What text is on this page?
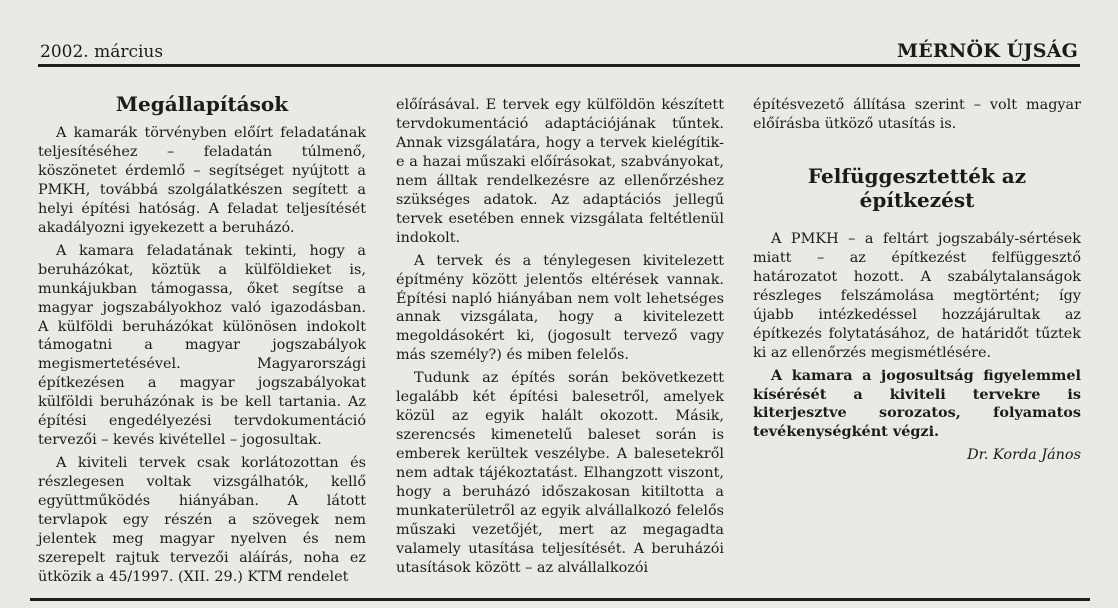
2002. március	MÉRNÖK ÚJSÁG
Megállapítások

A kamarák törvényben előírt feladatának teljesítéséhez – feladatán túlmenő, köszönetet érdemlő – segítséget nyújtott a PMKH, továbbá szolgálatkészen segített a helyi építési hatóság. A feladat teljesítését akadályozni igyekezett a beruházó.

A kamara feladatának tekinti, hogy a beruházókat, köztük a külföldieket is, munkájukban támogassa, őket segítse a magyar jogszabályokhoz való igazodásban. A külföldi beruházókat különösen indokolt támogatni a magyar jogszabályok megismertetésével. Magyarországi építkezésen a magyar jogszabályokat külföldi beruházónak is be kell tartania. Az építési engedélyezési tervdokumentáció tervezői – kevés kivétellel – jogosultak.

A kiviteli tervek csak korlátozottan és részlegesen voltak vizsgálhatók, kellő együttműködés hiányában. A látott tervlapok egy részén a szövegek nem jelentek meg magyar nyelven és nem szerepelt rajtuk tervezői aláírás, noha ez ütközik a 45/1997. (XII. 29.) KTM rendelet

előírásával. E tervek egy külföldön készített tervdokumentáció adaptációjának tűntek. Annak vizsgálatára, hogy a tervek kielégítik-e a hazai műszaki előírásokat, szabványokat, nem álltak rendelkezésre az ellenőrzéshez szükséges adatok. Az adaptációs jellegű tervek esetében ennek vizsgálata feltétlenül indokolt.

A tervek és a ténylegesen kivitelezett építmény között jelentős eltérések vannak. Építési napló hiányában nem volt lehetséges annak vizsgálata, hogy a kivitelezett megoldásokért ki, (jogosult tervező vagy más személy?) és miben felelős.

Tudunk az építés során bekövetkezett legalább két építési balesetről, amelyek közül az egyik halált okozott. Másik, szerencsés kimenetelű baleset során is emberek kerültek veszélybe. A balesetekről nem adtak tájékoztatást. Elhangzott viszont, hogy a beruházó időszakosan kitiltotta a munkaterületről az egyik alvállalkozó felelős műszaki vezetőjét, mert az megagadta valamely utasítása teljesítését. A beruházói utasítások között – az alvállalkozói

építésvezető állítása szerint – volt magyar előírásba ütköző utasítás is.

Felfüggesztették az építkezést

A PMKH – a feltárt jogszabály-sértések miatt – az építkezést felfüggesztő határozatot hozott. A szabálytalanságok részleges felszámolása megtörtént; így újabb intézkedéssel hozzájárultak az építkezés folytatásához, de határidőt tűztek ki az ellenőrzés megismétlésére.

A kamara a jogosultság figyelemmel kísérését a kiviteli tervekre is kiterjesztve sorozatos, folyamatos tevékenységként végzi.

Dr. Korda János
